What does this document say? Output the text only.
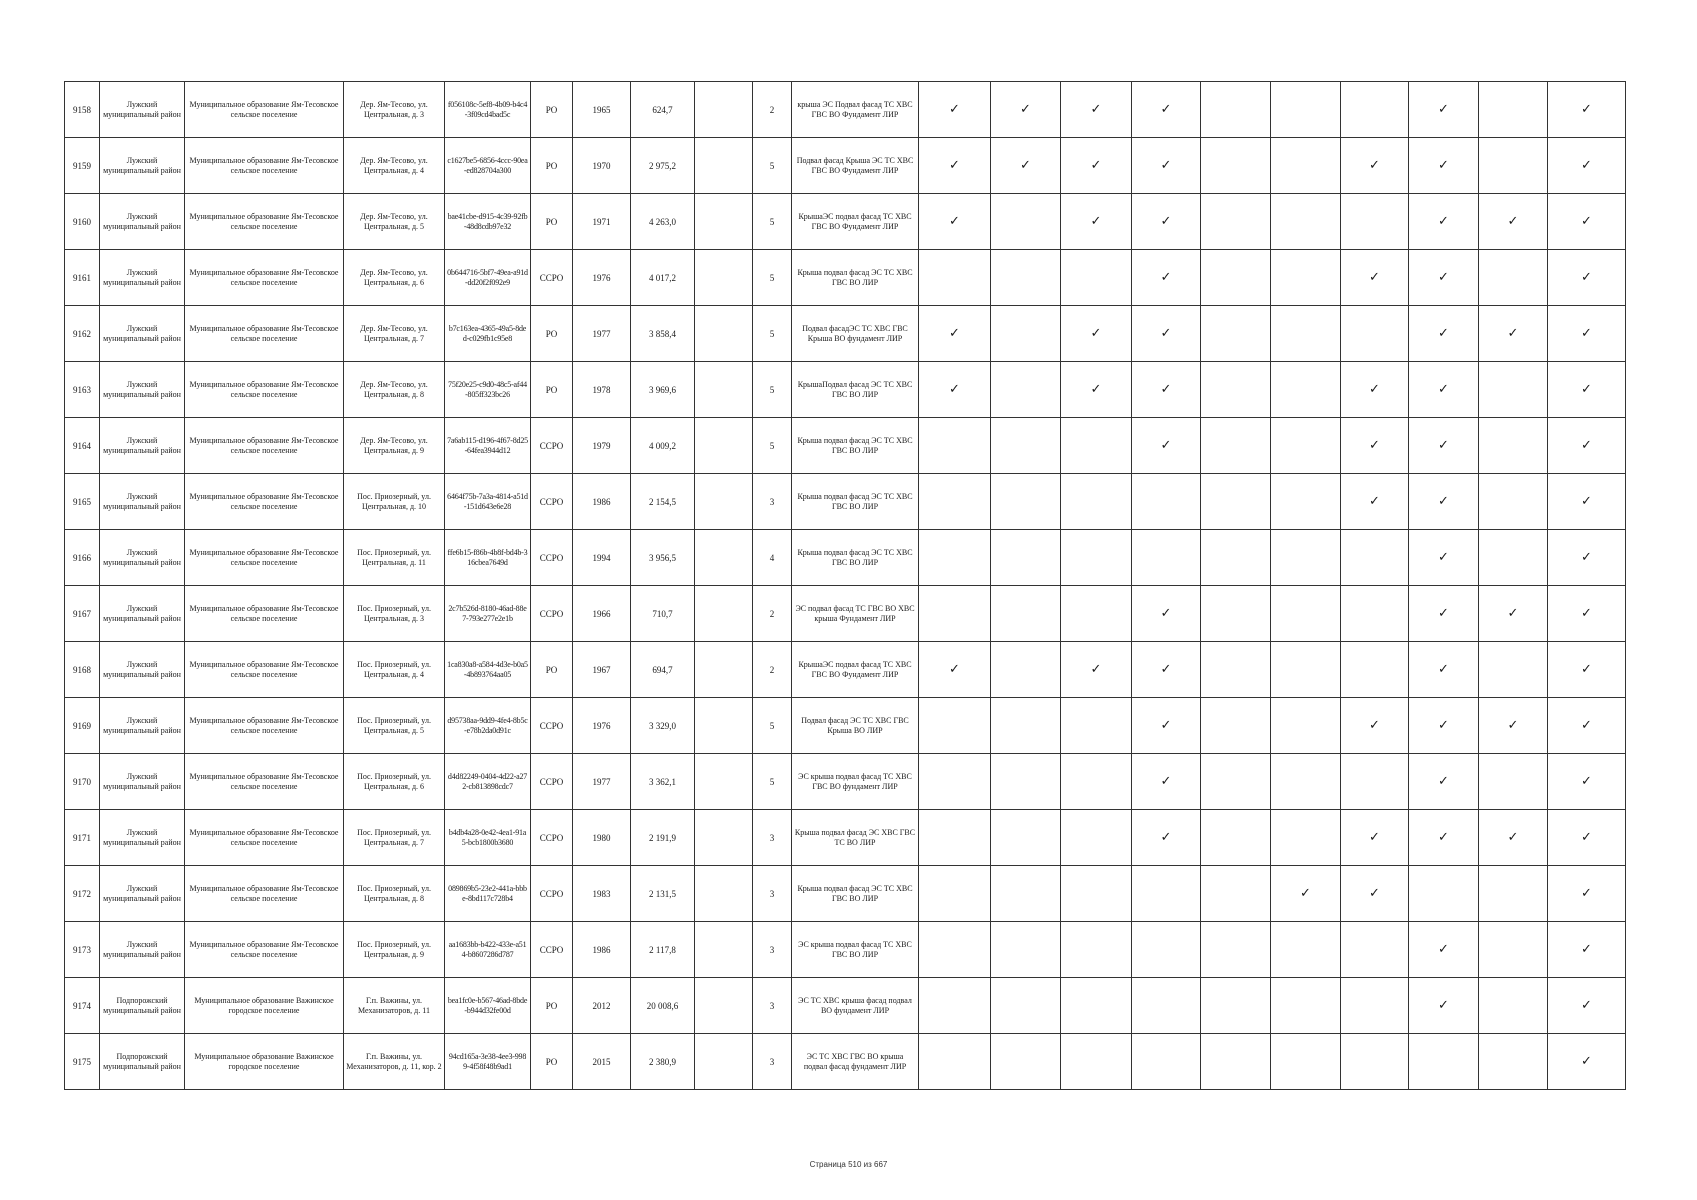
9158	Лужский муниципальный район	Муниципальное образование Ям-Тесовское сельское поселение	Дер. Ям-Тесово, ул. Центральная, д. 3	f056108c-5ef8-4b09-b4c4-3f09cd4bad5c	РО	1965	624,7		2	крыша ЭС Подвал фасад ТС ХВС ГВС ВО Фундамент ЛИР	✓	✓	✓	✓				✓		✓
9159	Лужский муниципальный район	Муниципальное образование Ям-Тесовское сельское поселение	Дер. Ям-Тесово, ул. Центральная, д. 4	c1627be5-6856-4ccc-90ea-ed828704a300	РО	1970	2 975,2		5	Подвал фасад Крыша ЭС ТС ХВС ГВС ВО Фундамент ЛИР	✓	✓	✓	✓			✓	✓		✓
9160	Лужский муниципальный район	Муниципальное образование Ям-Тесовское сельское поселение	Дер. Ям-Тесово, ул. Центральная, д. 5	bae41cbe-d915-4c39-92fb-48d8cdb97e32	РО	1971	4 263,0		5	КрышаЭС подвал фасад ТС ХВС ГВС ВО Фундамент ЛИР	✓		✓	✓				✓	✓	✓
9161	Лужский муниципальный район	Муниципальное образование Ям-Тесовское сельское поселение	Дер. Ям-Тесово, ул. Центральная, д. 6	0b644716-5bf7-49ea-a91d-dd20f2f092e9	ССРО	1976	4 017,2		5	Крыша подвал фасад ЭС ТС ХВС ГВС ВО ЛИР				✓			✓	✓		✓
9162	Лужский муниципальный район	Муниципальное образование Ям-Тесовское сельское поселение	Дер. Ям-Тесово, ул. Центральная, д. 7	b7c163ea-4365-49a5-8ded-c029fb1c95e8	РО	1977	3 858,4		5	Подвал фасадЭС ТС ХВС ГВС Крыша ВО фундамент ЛИР	✓		✓	✓				✓	✓	✓
9163	Лужский муниципальный район	Муниципальное образование Ям-Тесовское сельское поселение	Дер. Ям-Тесово, ул. Центральная, д. 8	75f20e25-c9d0-48c5-af44-805ff323bc26	РО	1978	3 969,6		5	КрышаПодвал фасад ЭС ТС ХВС ГВС ВО ЛИР	✓		✓	✓			✓	✓		✓
9164	Лужский муниципальный район	Муниципальное образование Ям-Тесовское сельское поселение	Дер. Ям-Тесово, ул. Центральная, д. 9	7a6ab115-d196-4f67-8d25-64fea3944d12	ССРО	1979	4 009,2		5	Крыша подвал фасад ЭС ТС ХВС ГВС ВО ЛИР				✓			✓	✓		✓
9165	Лужский муниципальный район	Муниципальное образование Ям-Тесовское сельское поселение	Пос. Приозерный, ул. Центральная, д. 10	6464f75b-7a3a-4814-a51d-151d643e6e28	ССРО	1986	2 154,5		3	Крыша подвал фасад ЭС ТС ХВС ГВС ВО ЛИР							✓	✓		✓
9166	Лужский муниципальный район	Муниципальное образование Ям-Тесовское сельское поселение	Пос. Приозерный, ул. Центральная, д. 11	ffe6b15-f86b-4b8f-bd4b-316cbea7649d	ССРО	1994	3 956,5		4	Крыша подвал фасад ЭС ТС ХВС ГВС ВО ЛИР								✓		✓
9167	Лужский муниципальный район	Муниципальное образование Ям-Тесовское сельское поселение	Пос. Приозерный, ул. Центральная, д. 3	2c7b526d-8180-46ad-88e7-793e277e2e1b	ССРО	1966	710,7		2	ЭС подвал фасад ТС ГВС ВО ХВС крыша Фундамент ЛИР				✓				✓	✓	✓
9168	Лужский муниципальный район	Муниципальное образование Ям-Тесовское сельское поселение	Пос. Приозерный, ул. Центральная, д. 4	1ca830a8-a584-4d3e-b0a5-4b893764aa05	РО	1967	694,7		2	КрышаЭС подвал фасад ТС ХВС ГВС ВО Фундамент ЛИР	✓		✓	✓				✓		✓
9169	Лужский муниципальный район	Муниципальное образование Ям-Тесовское сельское поселение	Пос. Приозерный, ул. Центральная, д. 5	d95738aa-9dd9-4fe4-8b5c-e78b2da0d91c	ССРО	1976	3 329,0		5	Подвал фасад ЭС ТС ХВС ГВС Крыша ВО ЛИР				✓			✓	✓	✓	✓
9170	Лужский муниципальный район	Муниципальное образование Ям-Тесовское сельское поселение	Пос. Приозерный, ул. Центральная, д. 6	d4d82249-0404-4d22-a272-cb813898cdc7	ССРО	1977	3 362,1		5	ЭС крыша подвал фасад ТС ХВС ГВС ВО фундамент ЛИР				✓				✓		✓
9171	Лужский муниципальный район	Муниципальное образование Ям-Тесовское сельское поселение	Пос. Приозерный, ул. Центральная, д. 7	b4db4a28-0e42-4ea1-91a5-bcb1800b3680	ССРО	1980	2 191,9		3	Крыша подвал фасад ЭС ХВС ГВС ТС ВО ЛИР				✓			✓	✓	✓	✓
9172	Лужский муниципальный район	Муниципальное образование Ям-Тесовское сельское поселение	Пос. Приозерный, ул. Центральная, д. 8	089869b5-23e2-441a-bbbe-8bd117c728b4	ССРО	1983	2 131,5		3	Крыша подвал фасад ЭС ТС ХВС ГВС ВО ЛИР						✓	✓			✓
9173	Лужский муниципальный район	Муниципальное образование Ям-Тесовское сельское поселение	Пос. Приозерный, ул. Центральная, д. 9	aa1683bb-b422-433e-a514-b8607286d787	ССРО	1986	2 117,8		3	ЭС крыша подвал фасад ТС ХВС ГВС ВО ЛИР								✓		✓
9174	Подпорожский муниципальный район	Муниципальное образование Важинское городское поселение	Г.п. Важины, ул. Механизаторов, д. 11	bea1fc0e-b567-46ad-8bde-b944d32fe00d	РО	2012	20 008,6		3	ЭС ТС ХВС крыша фасад подвал ВО фундамент ЛИР								✓		✓
9175	Подпорожский муниципальный район	Муниципальное образование Важинское городское поселение	Г.п. Важины, ул. Механизаторов, д. 11, кор. 2	94cd165a-3e38-4ee3-9989-4f58f48b9ad1	РО	2015	2 380,9		3	ЭС ТС ХВС ГВС ВО крыша подвал фасад фундамент ЛИР										✓
Страница 510 из 667
